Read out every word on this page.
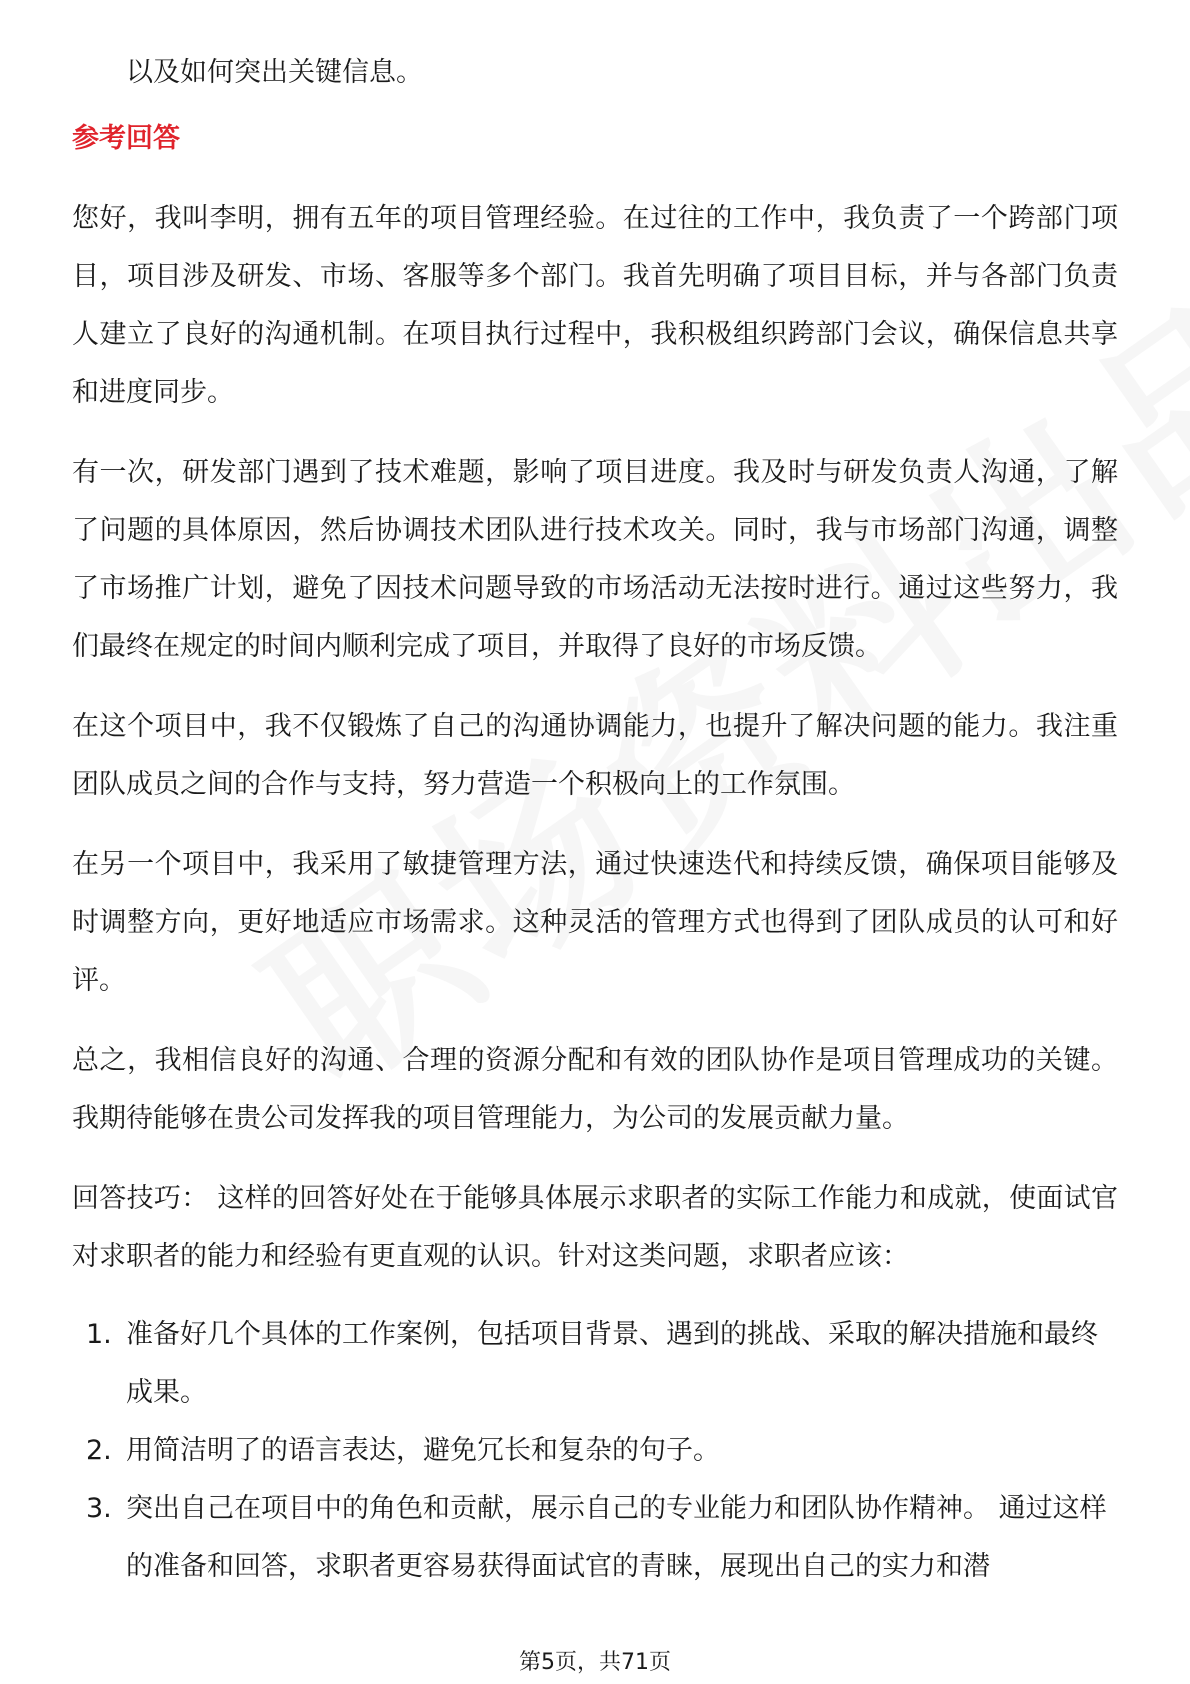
以及如何突出关键信息。
参考回答

您好，我叫李明，拥有五年的项目管理经验。在过往的工作中，我负责了一个跨部门项目，项目涉及研发、市场、客服等多个部门。我首先明确了项目目标，并与各部门负责人建立了良好的沟通机制。在项目执行过程中，我积极组织跨部门会议，确保信息共享和进度同步。

有一次，研发部门遇到了技术难题，影响了项目进度。我及时与研发负责人沟通，了解了问题的具体原因，然后协调技术团队进行技术攻关。同时，我与市场部门沟通，调整了市场推广计划，避免了因技术问题导致的市场活动无法按时进行。通过这些努力，我们最终在规定的时间内顺利完成了项目，并取得了良好的市场反馈。

在这个项目中，我不仅锻炼了自己的沟通协调能力，也提升了解决问题的能力。我注重团队成员之间的合作与支持，努力营造一个积极向上的工作氛围。

在另一个项目中，我采用了敏捷管理方法，通过快速迭代和持续反馈，确保项目能够及时调整方向，更好地适应市场需求。这种灵活的管理方式也得到了团队成员的认可和好评。

总之，我相信良好的沟通、合理的资源分配和有效的团队协作是项目管理成功的关键。我期待能够在贵公司发挥我的项目管理能力，为公司的发展贡献力量。

回答技巧： 这样的回答好处在于能够具体展示求职者的实际工作能力和成就，使面试官对求职者的能力和经验有更直观的认识。针对这类问题，求职者应该：

1. 准备好几个具体的工作案例，包括项目背景、遇到的挑战、采取的解决措施和最终成果。
2. 用简洁明了的语言表达，避免冗长和复杂的句子。
3. 突出自己在项目中的角色和贡献，展示自己的专业能力和团队协作精神。 通过这样的准备和回答，求职者更容易获得面试官的青睐，展现出自己的实力和潜
第5页，共71页
